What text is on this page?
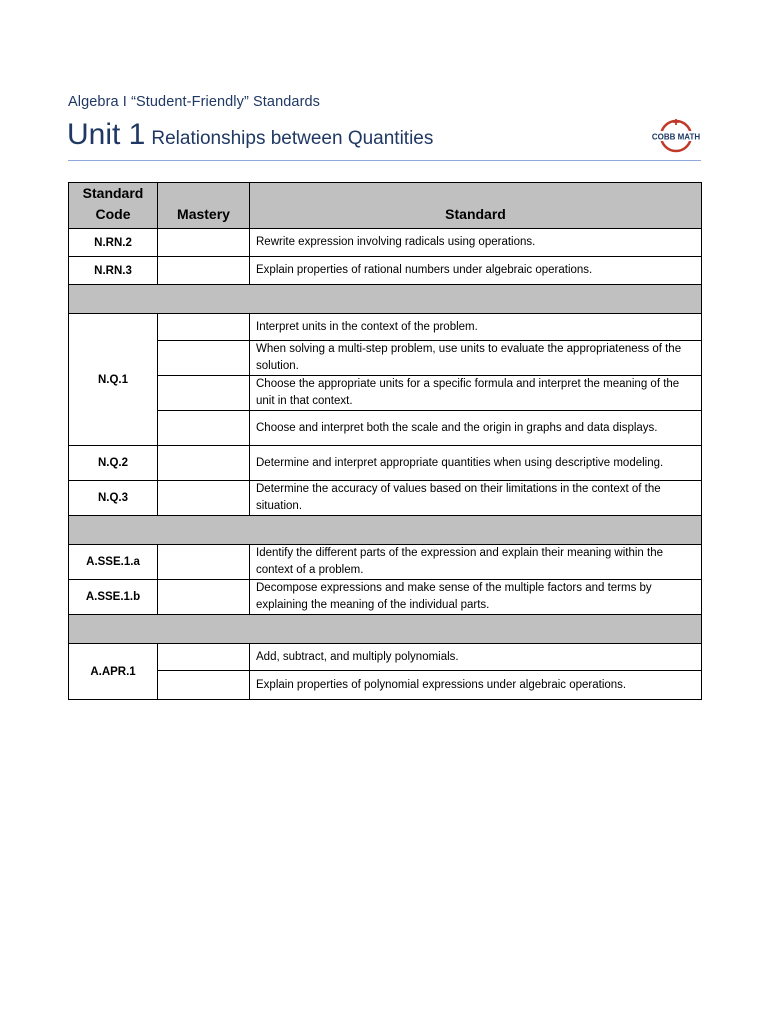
Algebra I “Student-Friendly” Standards
Unit 1 Relationships between Quantities	COBB MATH
Standard Code	Mastery	Standard
N.RN.2		Rewrite expression involving radicals using operations.
N.RN.3		Explain properties of rational numbers under algebraic operations.

N.Q.1		Interpret units in the context of the problem.
		When solving a multi-step problem, use units to evaluate the appropriateness of the solution.
		Choose the appropriate units for a specific formula and interpret the meaning of the unit in that context.
		Choose and interpret both the scale and the origin in graphs and data displays.
N.Q.2		Determine and interpret appropriate quantities when using descriptive modeling.
N.Q.3		Determine the accuracy of values based on their limitations in the context of the situation.

A.SSE.1.a		Identify the different parts of the expression and explain their meaning within the context of a problem.
A.SSE.1.b		Decompose expressions and make sense of the multiple factors and terms by explaining the meaning of the individual parts.

A.APR.1		Add, subtract, and multiply polynomials.
		Explain properties of polynomial expressions under algebraic operations.
